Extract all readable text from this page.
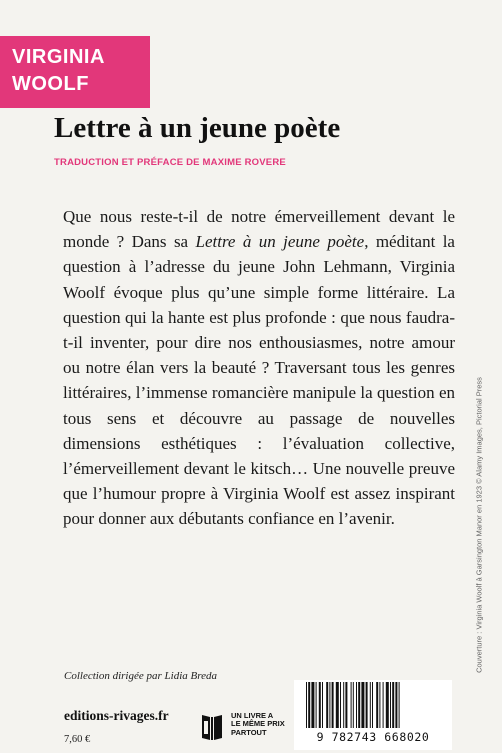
VIRGINIA
WOOLF
Lettre à un jeune poète
TRADUCTION ET PRÉFACE DE MAXIME ROVERE

Que nous reste-t-il de notre émerveillement devant le monde ? Dans sa Lettre à un jeune poète, méditant la question à l’adresse du jeune John Lehmann, Virginia Woolf évoque plus qu’une simple forme littéraire. La question qui la hante est plus profonde : que nous faudra-t-il inventer, pour dire nos enthousiasmes, notre amour ou notre élan vers la beauté ? Traversant tous les genres littéraires, l’immense romancière manipule la question en tous sens et découvre au passage de nouvelles dimensions esthétiques : l’évaluation collective, l’émerveillement devant le kitsch… Une nouvelle preuve que l’humour propre à Virginia Woolf est assez inspirant pour donner aux débutants confiance en l’avenir.	Couverture : Virginia Woolf à Garsington Manor en 1923 © Alamy Images, Pictorial Press
Collection dirigée par Lidia Breda
editions-rivages.fr
7,60 €
UN LIVRE A
LE MÊME PRIX
PARTOUT	9 782743 668020
